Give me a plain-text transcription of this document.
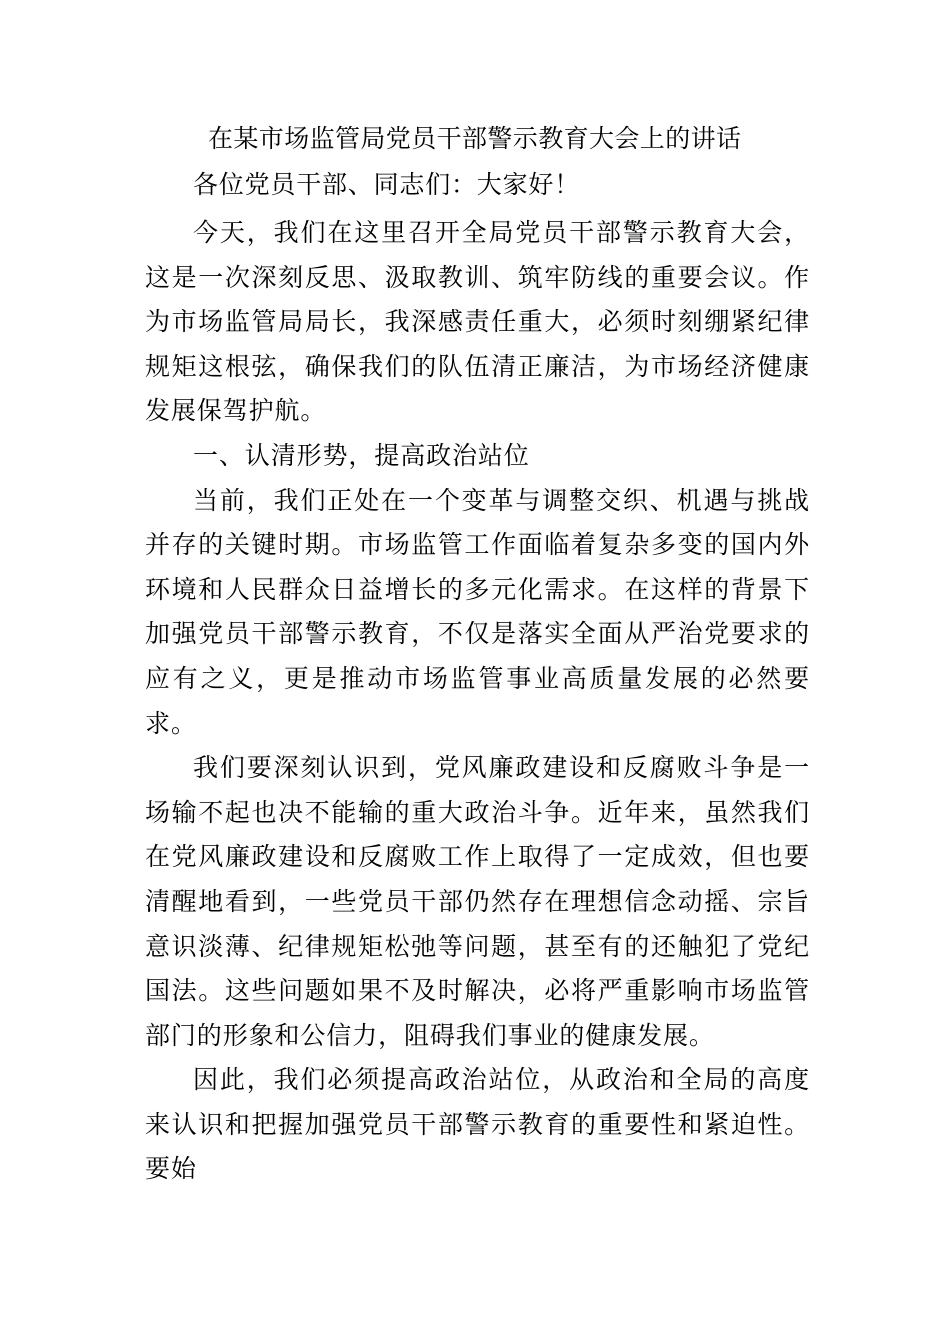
在某市场监管局党员干部警示教育大会上的讲话
各位党员干部、同志们：大家好！

今天，我们在这里召开全局党员干部警示教育大会，这是一次深刻反思、汲取教训、筑牢防线的重要会议。作为市场监管局局长，我深感责任重大，必须时刻绷紧纪律规矩这根弦，确保我们的队伍清正廉洁，为市场经济健康发展保驾护航。

一、认清形势，提高政治站位

当前，我们正处在一个变革与调整交织、机遇与挑战并存的关键时期。市场监管工作面临着复杂多变的国内外环境和人民群众日益增长的多元化需求。在这样的背景下加强党员干部警示教育，不仅是落实全面从严治党要求的应有之义，更是推动市场监管事业高质量发展的必然要求。

我们要深刻认识到，党风廉政建设和反腐败斗争是一场输不起也决不能输的重大政治斗争。近年来，虽然我们在党风廉政建设和反腐败工作上取得了一定成效，但也要清醒地看到，一些党员干部仍然存在理想信念动摇、宗旨意识淡薄、纪律规矩松弛等问题，甚至有的还触犯了党纪国法。这些问题如果不及时解决，必将严重影响市场监管部门的形象和公信力，阻碍我们事业的健康发展。

因此，我们必须提高政治站位，从政治和全局的高度来认识和把握加强党员干部警示教育的重要性和紧迫性。要始
